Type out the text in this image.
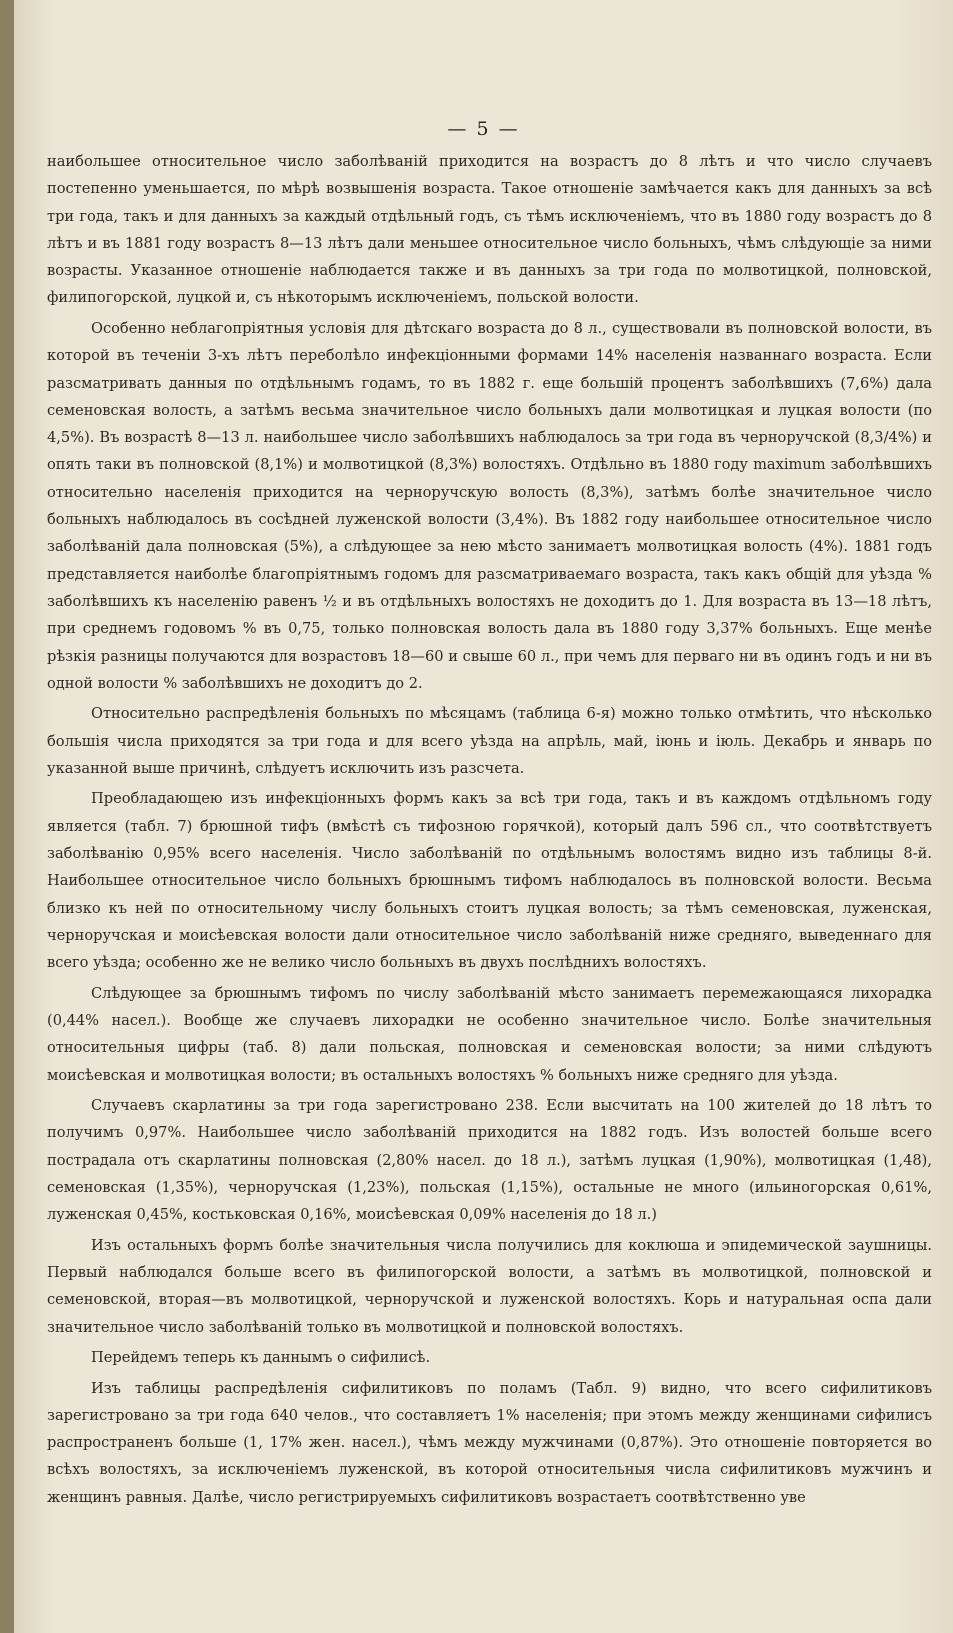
— 5 —

наибольшее относительное число заболѣваній приходится на возрастъ до 8 лѣтъ и что число случаевъ постепенно уменьшается, по мѣрѣ возвышенія возраста. Такое отношеніе замѣчается какъ для данныхъ за всѣ три года, такъ и для данныхъ за каждый отдѣльный годъ, съ тѣмъ исключеніемъ, что въ 1880 году возрастъ до 8 лѣтъ и въ 1881 году возрастъ 8—13 лѣтъ дали меньшее относительное число больныхъ, чѣмъ слѣдующіе за ними возрасты. Указанное отношеніе наблюдается также и въ данныхъ за три года по молвотицкой, полновской, филипогорской, луцкой и, съ нѣкоторымъ исключеніемъ, польской волости.

Особенно неблагопріятныя условія для дѣтскаго возраста до 8 л., существовали въ полновской волости, въ которой въ теченіи 3-хъ лѣтъ переболѣло инфекціонными формами 14% населенія названнаго возраста. Если разсматривать данныя по отдѣльнымъ годамъ, то въ 1882 г. еще большій процентъ заболѣвшихъ (7,6%) дала семеновская волость, а затѣмъ весьма значительное число больныхъ дали молвотицкая и луцкая волости (по 4,5%). Въ возрастѣ 8—13 л. наибольшее число заболѣвшихъ наблюдалось за три года въ черноручской (8,3/4%) и опять таки въ полновской (8,1%) и молвотицкой (8,3%) волостяхъ. Отдѣльно въ 1880 году maximum заболѣвшихъ относительно населенія приходится на черноручскую волость (8,3%), затѣмъ болѣе значительное число больныхъ наблюдалось въ сосѣдней луженской волости (3,4%). Въ 1882 году наибольшее относительное число заболѣваній дала полновская (5%), а слѣдующее за нею мѣсто занимаетъ молвотицкая волость (4%). 1881 годъ представляется наиболѣе благопріятнымъ годомъ для разсматриваемаго возраста, такъ какъ общій для уѣзда % заболѣвшихъ къ населенію равенъ ½ и въ отдѣльныхъ волостяхъ не доходитъ до 1. Для возраста въ 13—18 лѣтъ, при среднемъ годовомъ % въ 0,75, только полновская волость дала въ 1880 году 3,37% больныхъ. Еще менѣе рѣзкія разницы получаются для возрастовъ 18—60 и свыше 60 л., при чемъ для перваго ни въ одинъ годъ и ни въ одной волости % заболѣвшихъ не доходитъ до 2.

Относительно распредѣленія больныхъ по мѣсяцамъ (таблица 6-я) можно только отмѣтить, что нѣсколько большія числа приходятся за три года и для всего уѣзда на апрѣль, май, іюнь и іюль. Декабрь и январь по указанной выше причинѣ, слѣдуетъ исключить изъ разсчета.

Преобладающею изъ инфекціонныхъ формъ какъ за всѣ три года, такъ и въ каждомъ отдѣльномъ году является (табл. 7) брюшной тифъ (вмѣстѣ съ тифозною горячкой), который далъ 596 сл., что соотвѣтствуетъ заболѣванію 0,95% всего населенія. Число заболѣваній по отдѣльнымъ волостямъ видно изъ таблицы 8-й. Наибольшее относительное число больныхъ брюшнымъ тифомъ наблюдалось въ полновской волости. Весьма близко къ ней по относительному числу больныхъ стоитъ луцкая волость; за тѣмъ семеновская, луженская, черноручская и моисѣевская волости дали относительное число заболѣваній ниже средняго, выведеннаго для всего уѣзда; особенно же не велико число больныхъ въ двухъ послѣднихъ волостяхъ.

Слѣдующее за брюшнымъ тифомъ по числу заболѣваній мѣсто занимаетъ перемежающаяся лихорадка (0,44% насел.). Вообще же случаевъ лихорадки не особенно значительное число. Болѣе значительныя относительныя цифры (таб. 8) дали польская, полновская и семеновская волости; за ними слѣдуютъ моисѣевская и молвотицкая волости; въ остальныхъ волостяхъ % больныхъ ниже средняго для уѣзда.

Случаевъ скарлатины за три года зарегистровано 238. Если высчитать на 100 жителей до 18 лѣтъ то получимъ 0,97%. Наибольшее число заболѣваній приходится на 1882 годъ. Изъ волостей больше всего пострадала отъ скарлатины полновская (2,80% насел. до 18 л.), затѣмъ луцкая (1,90%), молвотицкая (1,48), семеновская (1,35%), черноручская (1,23%), польская (1,15%), остальные не много (ильиногорская 0,61%, луженская 0,45%, костьковская 0,16%, моисѣевская 0,09% населенія до 18 л.)

Изъ остальныхъ формъ болѣе значительныя числа получились для коклюша и эпидемической заушницы. Первый наблюдался больше всего въ филипогорской волости, а затѣмъ въ молвотицкой, полновской и семеновской, вторая—въ молвотицкой, черноручской и луженской волостяхъ. Корь и натуральная оспа дали значительное число заболѣваній только въ молвотицкой и полновской волостяхъ.

Перейдемъ теперь къ даннымъ о сифилисѣ.

Изъ таблицы распредѣленія сифилитиковъ по поламъ (Табл. 9) видно, что всего сифилитиковъ зарегистровано за три года 640 челов., что составляетъ 1% населенія; при этомъ между женщинами сифилисъ распространенъ больше (1, 17% жен. насел.), чѣмъ между мужчинами (0,87%). Это отношеніе повторяется во всѣхъ волостяхъ, за исключеніемъ луженской, въ которой относительныя числа сифилитиковъ мужчинъ и женщинъ равныя. Далѣе, число регистрируемыхъ сифилитиковъ возрастаетъ соотвѣтственно уве
